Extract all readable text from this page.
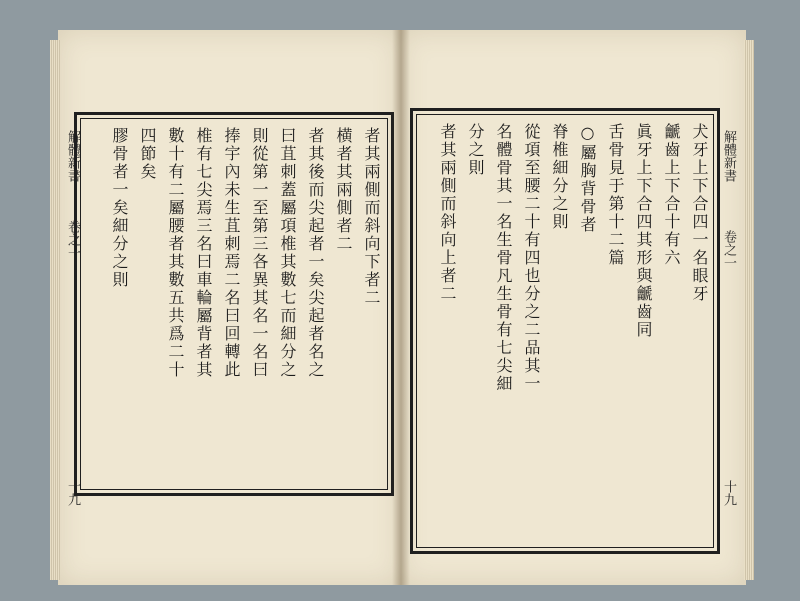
解體新書
卷之一
十九
者其兩側而斜向下者二
横者其兩側者二
者其後而尖起者一矣尖起者名之
曰苴刺蓋屬項椎其數七而細分之
則從第一至第三各異其名一名曰
捧宇內未生苴刺焉二名曰回轉此
椎有七尖焉三名曰車輪屬背者其
數十有二屬腰者其數五共爲二十
四節矣
膠骨者一矣細分之則	犬牙上下合四一名眼牙
䶵齒上下合十有六
眞牙上下合四其形與䶵齒同
舌骨見于第十二篇
○屬胸背骨者
脊椎細分之則
從項至腰二十有四也分之二品其一
名體骨其一名生骨凡生骨有七尖細
分之則
者其兩側而斜向上者二	解體新書
卷之一
十九
